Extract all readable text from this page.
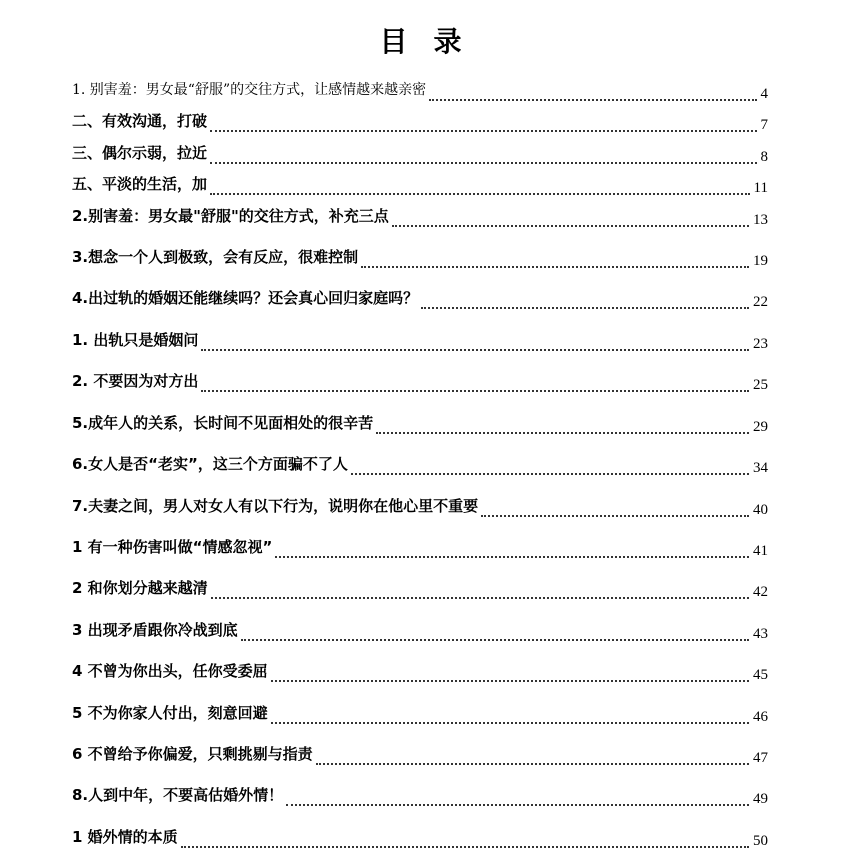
目录
1. 别害羞：男女最“舒服”的交往方式，让感情越来越亲密	4
二、有效沟通，打破	7
三、偶尔示弱，拉近	8
五、平淡的生活，加	11
2.别害羞：男女最"舒服"的交往方式，补充三点	13
3.想念一个人到极致，会有反应，很难控制	19
4.出过轨的婚姻还能继续吗？还会真心回归家庭吗？	22
1. 出轨只是婚姻问	23
2. 不要因为对方出	25
5.成年人的关系，长时间不见面相处的很辛苦	29
6.女人是否“老实”，这三个方面骗不了人	34
7.夫妻之间，男人对女人有以下行为，说明你在他心里不重要	40
1 有一种伤害叫做“情感忽视”	41
2 和你划分越来越清	42
3 出现矛盾跟你冷战到底	43
4 不曾为你出头，任你受委屈	45
5 不为你家人付出，刻意回避	46
6 不曾给予你偏爱，只剩挑剔与指责	47
8.人到中年，不要高估婚外情！	49
1 婚外情的本质	50
